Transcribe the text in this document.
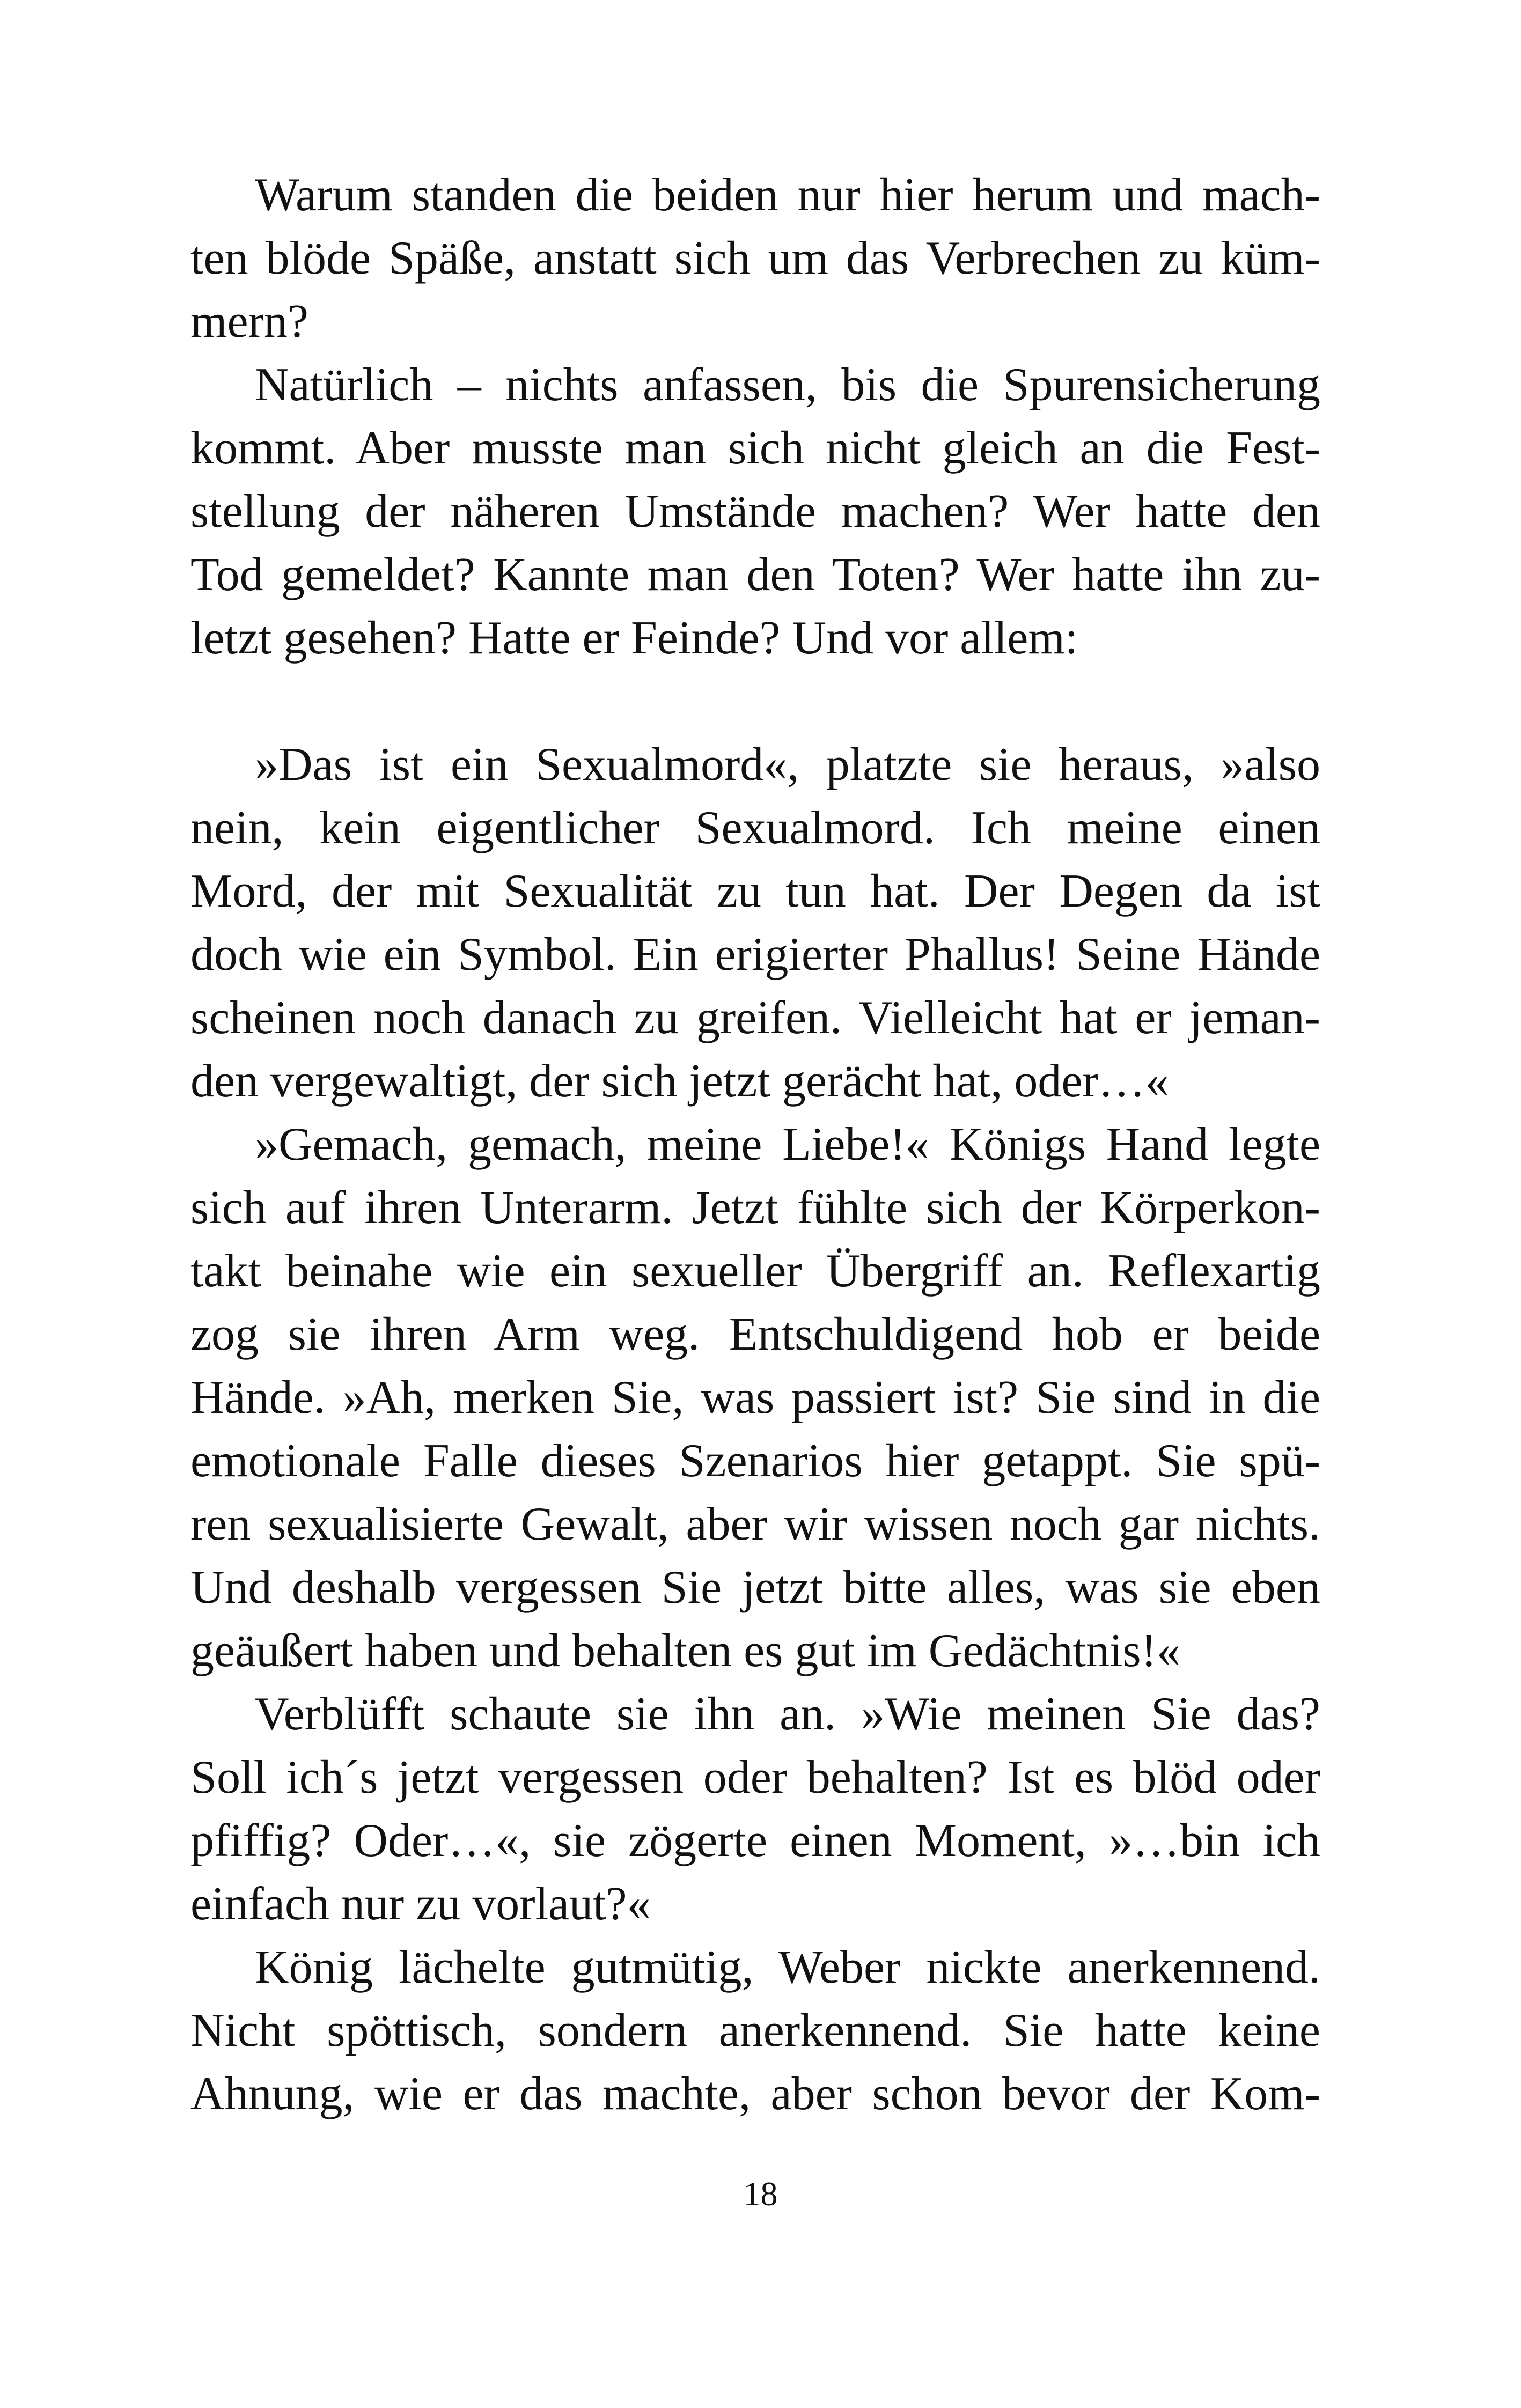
Warum standen die beiden nur hier herum und mach-
ten blöde Späße, anstatt sich um das Verbrechen zu küm-
mern?
Natürlich – nichts anfassen, bis die Spurensicherung
kommt. Aber musste man sich nicht gleich an die Fest-
stellung der näheren Umstände machen? Wer hatte den
Tod gemeldet? Kannte man den Toten? Wer hatte ihn zu-
letzt gesehen? Hatte er Feinde? Und vor allem:
»Das ist ein Sexualmord«, platzte sie heraus, »also
nein, kein eigentlicher Sexualmord. Ich meine einen
Mord, der mit Sexualität zu tun hat. Der Degen da ist
doch wie ein Symbol. Ein erigierter Phallus! Seine Hände
scheinen noch danach zu greifen. Vielleicht hat er jeman-
den vergewaltigt, der sich jetzt gerächt hat, oder…«
»Gemach, gemach, meine Liebe!« Königs Hand legte
sich auf ihren Unterarm. Jetzt fühlte sich der Körperkon-
takt beinahe wie ein sexueller Übergriff an. Reflexartig
zog sie ihren Arm weg. Entschuldigend hob er beide
Hände. »Ah, merken Sie, was passiert ist? Sie sind in die
emotionale Falle dieses Szenarios hier getappt. Sie spü-
ren sexualisierte Gewalt, aber wir wissen noch gar nichts.
Und deshalb vergessen Sie jetzt bitte alles, was sie eben
geäußert haben und behalten es gut im Gedächtnis!«
Verblüfft schaute sie ihn an. »Wie meinen Sie das?
Soll ich´s jetzt vergessen oder behalten? Ist es blöd oder
pfiffig? Oder…«, sie zögerte einen Moment, »…bin ich
einfach nur zu vorlaut?«
König lächelte gutmütig, Weber nickte anerkennend.
Nicht spöttisch, sondern anerkennend. Sie hatte keine
Ahnung, wie er das machte, aber schon bevor der Kom-
18
